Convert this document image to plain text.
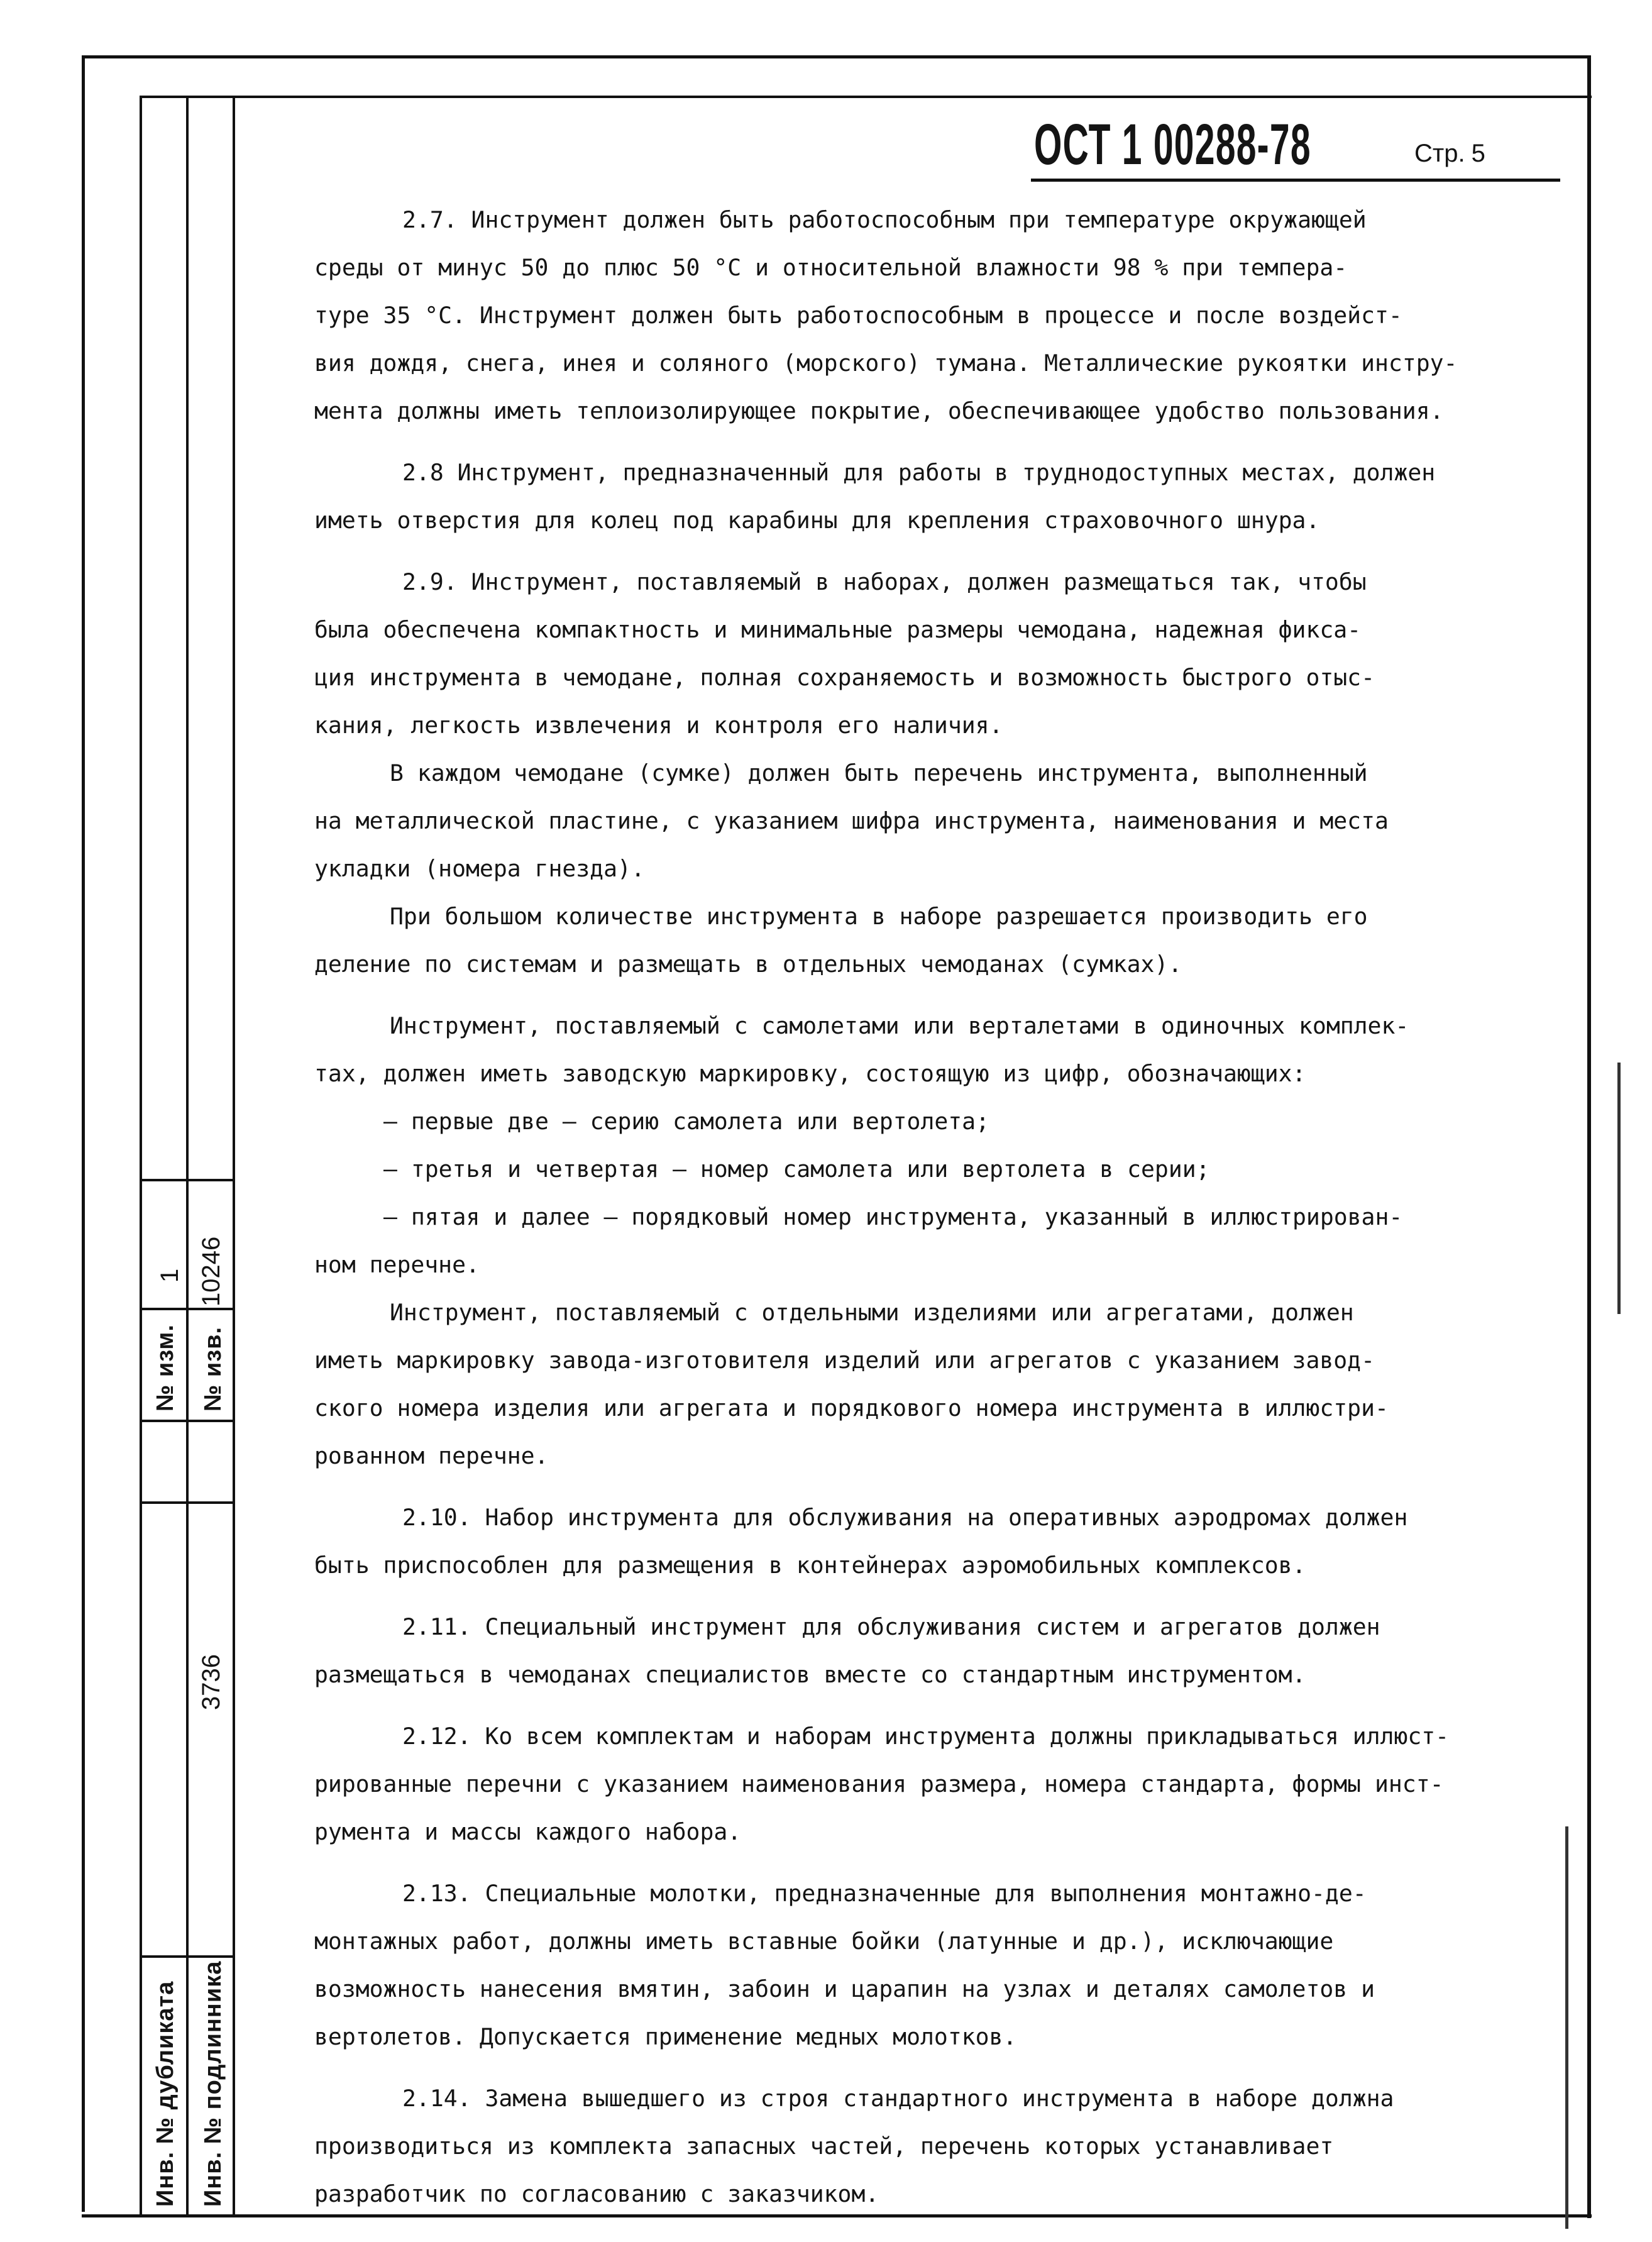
№ изм.
1
№ изв.
10246
Инв. № дубликата Инв. № подлинника
3736
ОСТ 1 00288-78	Стр. 5

2.7. Инструмент должен быть работоспособным при температуре окружающей
среды от минус 50 до плюс 50 °С и относительной влажности 98 % при темпера-
туре 35 °С. Инструмент должен быть работоспособным в процессе и после воздейст-
вия дождя, снега, инея и соляного (морского) тумана. Металлические рукоятки инстру-
мента должны иметь теплоизолирующее покрытие, обеспечивающее удобство пользования.

2.8 Инструмент, предназначенный для работы в труднодоступных местах, должен
иметь отверстия для колец под карабины для крепления страховочного шнура.

2.9. Инструмент, поставляемый в наборах, должен размещаться так, чтобы
была обеспечена компактность и минимальные размеры чемодана, надежная фикса-
ция инструмента в чемодане, полная сохраняемость и возможность быстрого отыс-
кания, легкость извлечения и контроля его наличия.

В каждом чемодане (сумке) должен быть перечень инструмента, выполненный
на металлической пластине, с указанием шифра инструмента, наименования и места
укладки (номера гнезда).

При большом количестве инструмента в наборе разрешается производить его
деление по системам и размещать в отдельных чемоданах (сумках).

Инструмент, поставляемый с самолетами или верталетами в одиночных комплек-
тах, должен иметь заводскую маркировку, состоящую из цифр, обозначающих:
– первые две – серию самолета или вертолета;
– третья и четвертая – номер самолета или вертолета в серии;
– пятая и далее – порядковый номер инструмента, указанный в иллюстрирован-
ном перечне.

Инструмент, поставляемый с отдельными изделиями или агрегатами, должен
иметь маркировку завода-изготовителя изделий или агрегатов с указанием завод-
ского номера изделия или агрегата и порядкового номера инструмента в иллюстри-
рованном перечне.

2.10. Набор инструмента для обслуживания на оперативных аэродромах должен
быть приспособлен для размещения в контейнерах аэромобильных комплексов.

2.11. Специальный инструмент для обслуживания систем и агрегатов должен
размещаться в чемоданах специалистов вместе со стандартным инструментом.

2.12. Ко всем комплектам и наборам инструмента должны прикладываться иллюст-
рированные перечни с указанием наименования размера, номера стандарта, формы инст-
румента и массы каждого набора.

2.13. Специальные молотки, предназначенные для выполнения монтажно-де-
монтажных работ, должны иметь вставные бойки (латунные и др.), исключающие
возможность нанесения вмятин, забоин и царапин на узлах и деталях самолетов и
вертолетов. Допускается применение медных молотков.

2.14. Замена вышедшего из строя стандартного инструмента в наборе должна
производиться из комплекта запасных частей, перечень которых устанавливает
разработчик по согласованию с заказчиком.
